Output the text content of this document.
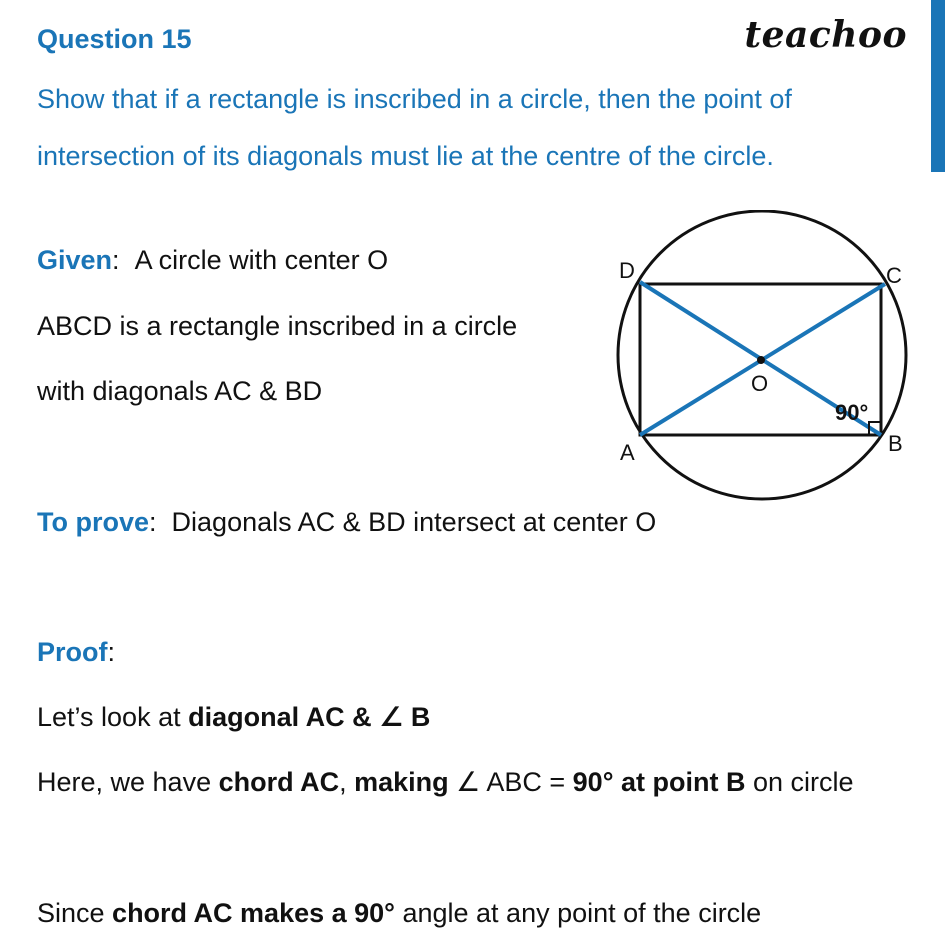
Question 15	teachoo
Show that if a rectangle is inscribed in a circle, then the point of
intersection of its diagonals must lie at the centre of the circle.
Given: A circle with center O
ABCD is a rectangle inscribed in a circle
with diagonals AC & BD
To prove: Diagonals AC & BD intersect at center O
Proof:
Let’s look at diagonal AC & ∠ B
Here, we have chord AC, making ∠ ABC = 90° at point B on circle
Since chord AC makes a 90° angle at any point of the circle
D	C
A	B
O
90°
